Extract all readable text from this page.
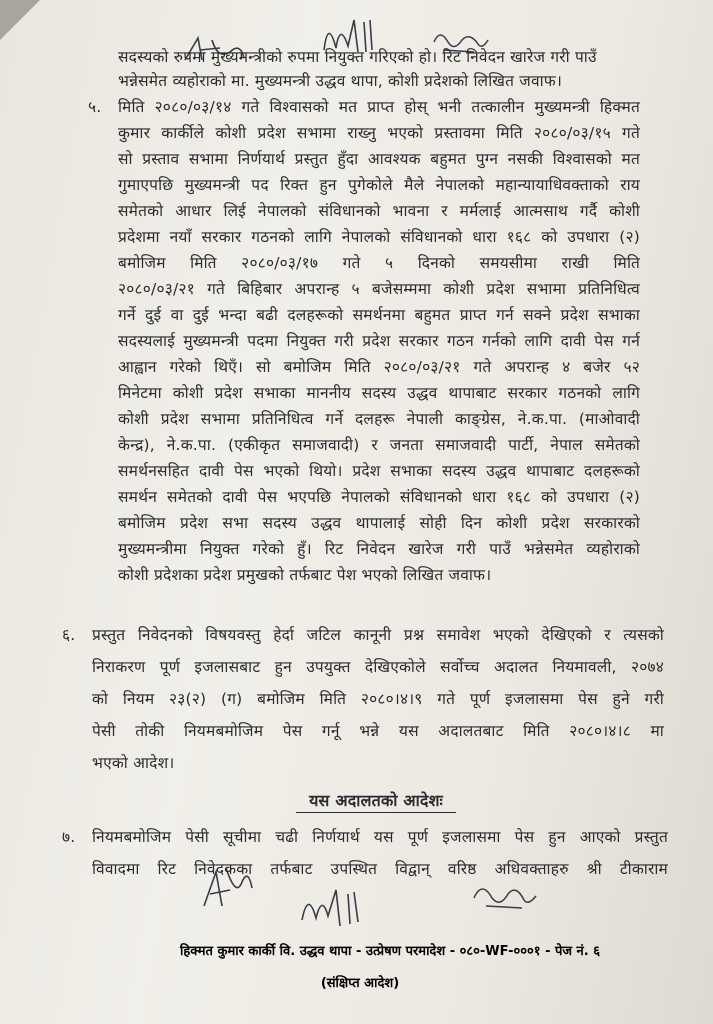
सदस्यको रुपमा मुख्यमन्त्रीको रुपमा नियुक्त गरिएको हो। रिट निवेदन खारेज गरी पाउँ
भन्नेसमेत व्यहोराको मा. मुख्यमन्त्री उद्धव थापा, कोशी प्रदेशको लिखित जवाफ।
५. मिति २०८०/०३/१४ गते विश्वासको मत प्राप्त होस् भनी तत्कालीन मुख्यमन्त्री हिक्मत
कुमार कार्कीले कोशी प्रदेश सभामा राख्नु भएको प्रस्तावमा मिति २०८०/०३/१५ गते
सो प्रस्ताव सभामा निर्णयार्थ प्रस्तुत हुँदा आवश्यक बहुमत पुग्न नसकी विश्वासको मत
गुमाएपछि मुख्यमन्त्री पद रिक्त हुन पुगेकोले मैले नेपालको महान्यायाधिवक्ताको राय
समेतको आधार लिई नेपालको संविधानको भावना र मर्मलाई आत्मसाथ गर्दै कोशी
प्रदेशमा नयाँ सरकार गठनको लागि नेपालको संविधानको धारा १६८ को उपधारा (२)
बमोजिम मिति २०८०/०३/१७ गते ५ दिनको समयसीमा राखी मिति
२०८०/०३/२१ गते बिहिबार अपरान्ह ५ बजेसम्ममा कोशी प्रदेश सभामा प्रतिनिधित्व
गर्ने दुई वा दुई भन्दा बढी दलहरूको समर्थनमा बहुमत प्राप्त गर्न सक्ने प्रदेश सभाका
सदस्यलाई मुख्यमन्त्री पदमा नियुक्त गरी प्रदेश सरकार गठन गर्नको लागि दावी पेस गर्न
आह्वान गरेको थिएँ। सो बमोजिम मिति २०८०/०३/२१ गते अपरान्ह ४ बजेर ५२
मिनेटमा कोशी प्रदेश सभाका माननीय सदस्य उद्धव थापाबाट सरकार गठनको लागि
कोशी प्रदेश सभामा प्रतिनिधित्व गर्ने दलहरू नेपाली काङ्ग्रेस, ने.क.पा. (माओवादी
केन्द्र), ने.क.पा. (एकीकृत समाजवादी) र जनता समाजवादी पार्टी, नेपाल समेतको
समर्थनसहित दावी पेस भएको थियो। प्रदेश सभाका सदस्य उद्धव थापाबाट दलहरूको
समर्थन समेतको दावी पेस भएपछि नेपालको संविधानको धारा १६८ को उपधारा (२)
बमोजिम प्रदेश सभा सदस्य उद्धव थापालाई सोही दिन कोशी प्रदेश सरकारको
मुख्यमन्त्रीमा नियुक्त गरेको हुँ। रिट निवेदन खारेज गरी पाउँ भन्नेसमेत व्यहोराको
कोशी प्रदेशका प्रदेश प्रमुखको तर्फबाट पेश भएको लिखित जवाफ।
६. प्रस्तुत निवेदनको विषयवस्तु हेर्दा जटिल कानूनी प्रश्न समावेश भएको देखिएको र त्यसको
निराकरण पूर्ण इजलासबाट हुन उपयुक्त देखिएकोले सर्वोच्च अदालत नियमावली, २०७४
को नियम २३(२) (ग) बमोजिम मिति २०८०।४।९ गते पूर्ण इजलासमा पेस हुने गरी
पेसी तोकी नियमबमोजिम पेस गर्नू भन्ने यस अदालतबाट मिति २०८०।४।८ मा
भएको आदेश।
यस अदालतको आदेशः
७. नियमबमोजिम पेसी सूचीमा चढी निर्णयार्थ यस पूर्ण इजलासमा पेस हुन आएको प्रस्तुत
विवादमा रिट निवेदकका तर्फबाट उपस्थित विद्वान् वरिष्ठ अधिवक्ताहरु श्री टीकाराम
हिक्मत कुमार कार्की वि. उद्धव थापा - उत्प्रेषण परमादेश - ०८०-WF-०००१ - पेज नं. ६
(संक्षिप्त आदेश)
